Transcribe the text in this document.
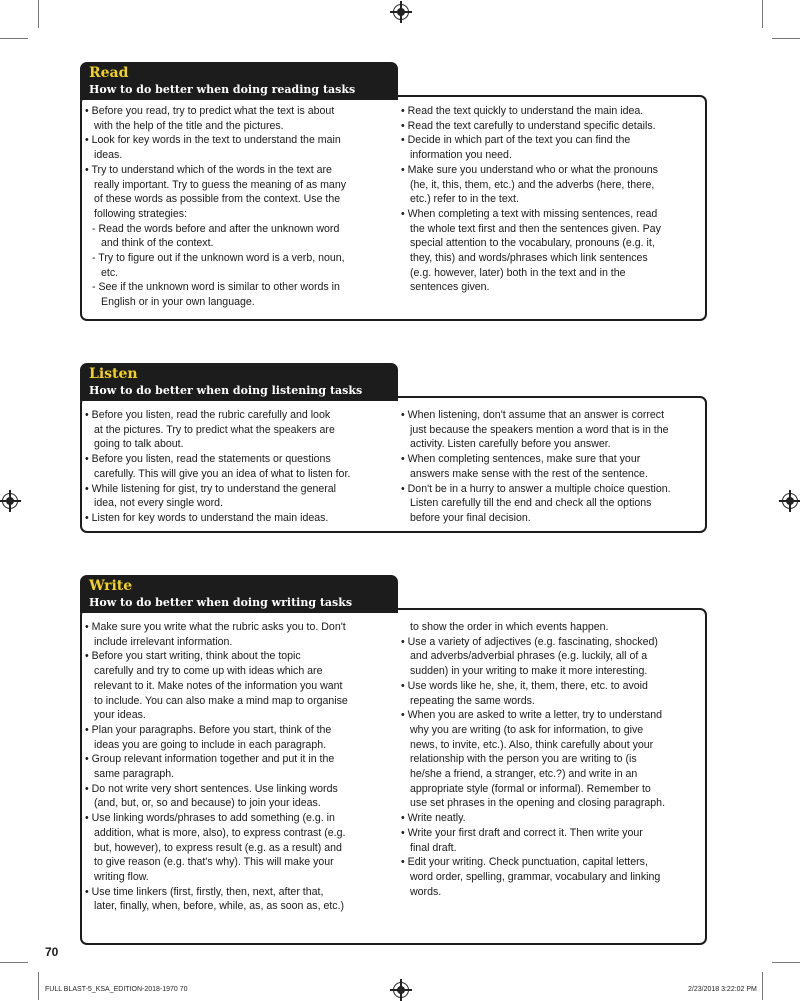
Read
How to do better when doing reading tasks

• Before you read, try to predict what the text is about

with the help of the title and the pictures.

• Look for key words in the text to understand the main

ideas.

• Try to understand which of the words in the text are

really important. Try to guess the meaning of as many

of these words as possible from the context. Use the

following strategies:

- Read the words before and after the unknown word

and think of the context.

- Try to figure out if the unknown word is a verb, noun,

etc.

- See if the unknown word is similar to other words in

English or in your own language.

• Read the text quickly to understand the main idea.

• Read the text carefully to understand specific details.

• Decide in which part of the text you can find the

information you need.

• Make sure you understand who or what the pronouns

(he, it, this, them, etc.) and the adverbs (here, there,

etc.) refer to in the text.

• When completing a text with missing sentences, read

the whole text first and then the sentences given. Pay

special attention to the vocabulary, pronouns (e.g. it,

they, this) and words/phrases which link sentences

(e.g. however, later) both in the text and in the

sentences given.

Listen
How to do better when doing listening tasks

• Before you listen, read the rubric carefully and look

at the pictures. Try to predict what the speakers are

going to talk about.

• Before you listen, read the statements or questions

carefully. This will give you an idea of what to listen for.

• While listening for gist, try to understand the general

idea, not every single word.

• Listen for key words to understand the main ideas.

• When listening, don't assume that an answer is correct

just because the speakers mention a word that is in the

activity. Listen carefully before you answer.

• When completing sentences, make sure that your

answers make sense with the rest of the sentence.

• Don't be in a hurry to answer a multiple choice question.

Listen carefully till the end and check all the options

before your final decision.

Write
How to do better when doing writing tasks

• Make sure you write what the rubric asks you to. Don't

include irrelevant information.

• Before you start writing, think about the topic

carefully and try to come up with ideas which are

relevant to it. Make notes of the information you want

to include. You can also make a mind map to organise

your ideas.

• Plan your paragraphs. Before you start, think of the

ideas you are going to include in each paragraph.

• Group relevant information together and put it in the

same paragraph.

• Do not write very short sentences. Use linking words

(and, but, or, so and because) to join your ideas.

• Use linking words/phrases to add something (e.g. in

addition, what is more, also), to express contrast (e.g.

but, however), to express result (e.g. as a result) and

to give reason (e.g. that's why). This will make your

writing flow.

• Use time linkers (first, firstly, then, next, after that,

later, finally, when, before, while, as, as soon as, etc.)

to show the order in which events happen.

• Use a variety of adjectives (e.g. fascinating, shocked)

and adverbs/adverbial phrases (e.g. luckily, all of a

sudden) in your writing to make it more interesting.

• Use words like he, she, it, them, there, etc. to avoid

repeating the same words.

• When you are asked to write a letter, try to understand

why you are writing (to ask for information, to give

news, to invite, etc.). Also, think carefully about your

relationship with the person you are writing to (is

he/she a friend, a stranger, etc.?) and write in an

appropriate style (formal or informal). Remember to

use set phrases in the opening and closing paragraph.

• Write neatly.

• Write your first draft and correct it. Then write your

final draft.

• Edit your writing. Check punctuation, capital letters,

word order, spelling, grammar, vocabulary and linking

words.

70
FULL BLAST-5_KSA_EDITION-2018-1970 70	2/23/2018 3:22:02 PM
